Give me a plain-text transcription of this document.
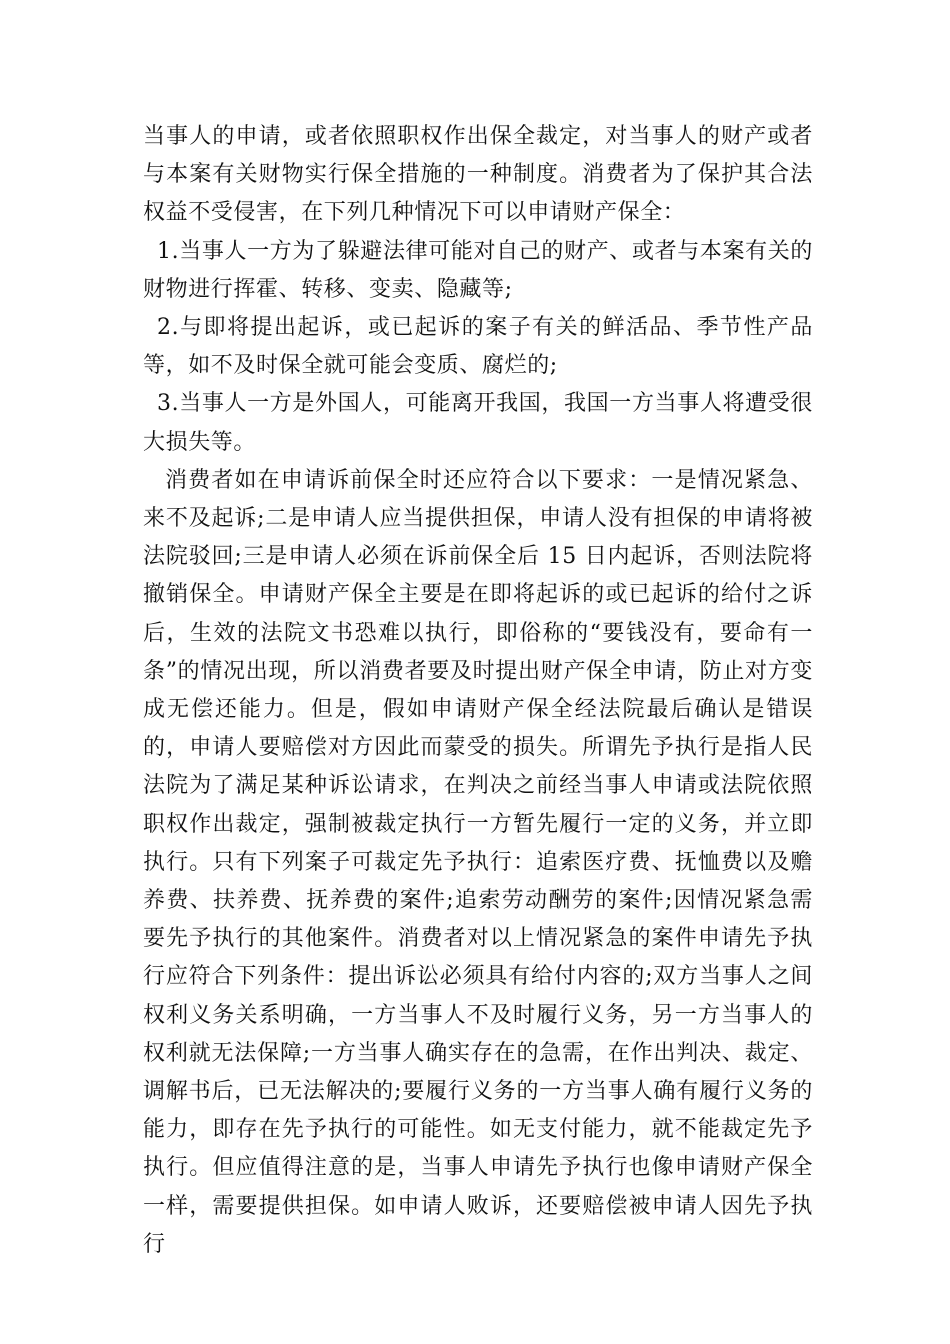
当事人的申请，或者依照职权作出保全裁定，对当事人的财产或者与本案有关财物实行保全措施的一种制度。消费者为了保护其合法权益不受侵害，在下列几种情况下可以申请财产保全：

1.当事人一方为了躲避法律可能对自己的财产、或者与本案有关的财物进行挥霍、转移、变卖、隐藏等;

2.与即将提出起诉，或已起诉的案子有关的鲜活品、季节性产品等，如不及时保全就可能会变质、腐烂的;

3.当事人一方是外国人，可能离开我国，我国一方当事人将遭受很大损失等。

消费者如在申请诉前保全时还应符合以下要求：一是情况紧急、来不及起诉;二是申请人应当提供担保，申请人没有担保的申请将被法院驳回;三是申请人必须在诉前保全后 15 日内起诉，否则法院将撤销保全。申请财产保全主要是在即将起诉的或已起诉的给付之诉后，生效的法院文书恐难以执行，即俗称的“要钱没有，要命有一条”的情况出现，所以消费者要及时提出财产保全申请，防止对方变成无偿还能力。但是，假如申请财产保全经法院最后确认是错误的，申请人要赔偿对方因此而蒙受的损失。所谓先予执行是指人民法院为了满足某种诉讼请求，在判决之前经当事人申请或法院依照职权作出裁定，强制被裁定执行一方暂先履行一定的义务，并立即执行。只有下列案子可裁定先予执行：追索医疗费、抚恤费以及赡养费、扶养费、抚养费的案件;追索劳动酬劳的案件;因情况紧急需要先予执行的其他案件。消费者对以上情况紧急的案件申请先予执行应符合下列条件：提出诉讼必须具有给付内容的;双方当事人之间权利义务关系明确，一方当事人不及时履行义务，另一方当事人的权利就无法保障;一方当事人确实存在的急需，在作出判决、裁定、调解书后，已无法解决的;要履行义务的一方当事人确有履行义务的能力，即存在先予执行的可能性。如无支付能力，就不能裁定先予执行。但应值得注意的是，当事人申请先予执行也像申请财产保全一样，需要提供担保。如申请人败诉，还要赔偿被申请人因先予执行
